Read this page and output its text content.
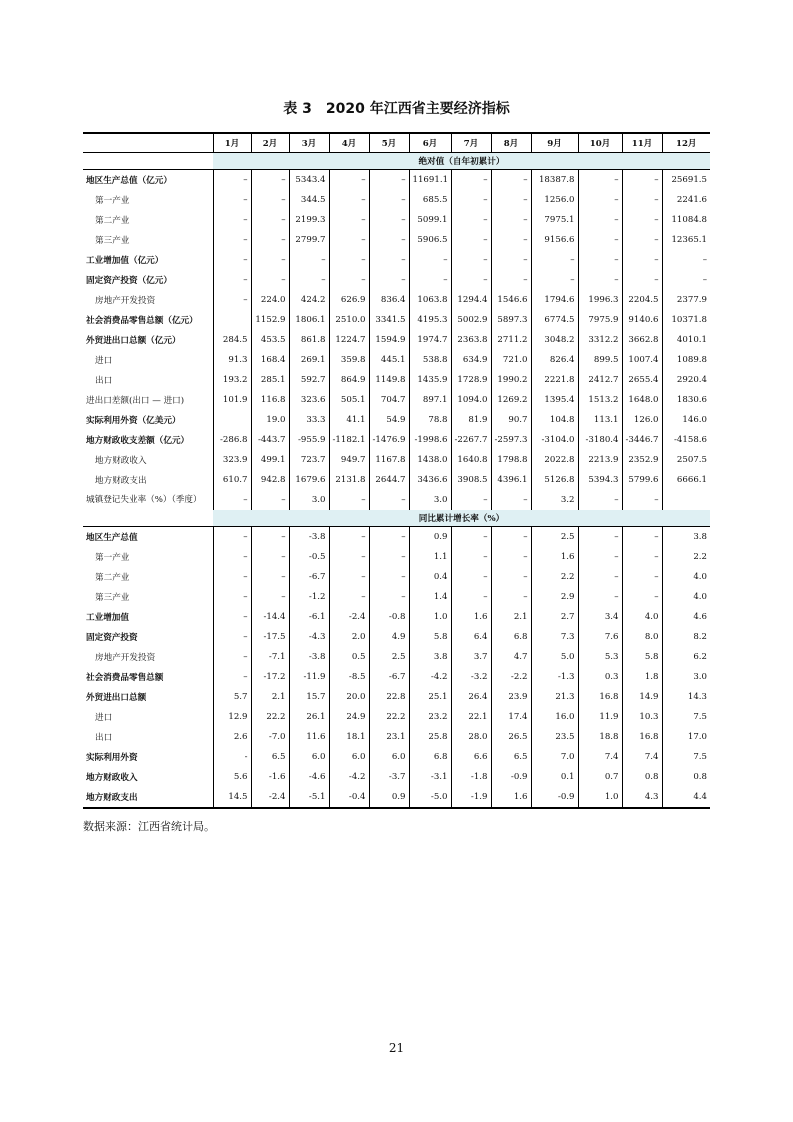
表 3　2020 年江西省主要经济指标
	1月	2月	3月	4月	5月	6月	7月	8月	9月	10月	11月	12月
	绝对值（自年初累计）											
地区生产总值（亿元）	–	–	5343.4	–	–	11691.1	–	–	18387.8	–	–	25691.5
第一产业	–	–	344.5	–	–	685.5	–	–	1256.0	–	–	2241.6
第二产业	–	–	2199.3	–	–	5099.1	–	–	7975.1	–	–	11084.8
第三产业	–	–	2799.7	–	–	5906.5	–	–	9156.6	–	–	12365.1
工业增加值（亿元）	–	–	–	–	–	–	–	–	–	–	–	–
固定资产投资（亿元）	–	–	–	–	–	–	–	–	–	–	–	–
房地产开发投资	–	224.0	424.2	626.9	836.4	1063.8	1294.4	1546.6	1794.6	1996.3	2204.5	2377.9
社会消费品零售总额（亿元）		1152.9	1806.1	2510.0	3341.5	4195.3	5002.9	5897.3	6774.5	7975.9	9140.6	10371.8
外贸进出口总额（亿元）	284.5	453.5	861.8	1224.7	1594.9	1974.7	2363.8	2711.2	3048.2	3312.2	3662.8	4010.1
进口	91.3	168.4	269.1	359.8	445.1	538.8	634.9	721.0	826.4	899.5	1007.4	1089.8
出口	193.2	285.1	592.7	864.9	1149.8	1435.9	1728.9	1990.2	2221.8	2412.7	2655.4	2920.4
进出口差额(出口 — 进口)	101.9	116.8	323.6	505.1	704.7	897.1	1094.0	1269.2	1395.4	1513.2	1648.0	1830.6
实际利用外资（亿美元）		19.0	33.3	41.1	54.9	78.8	81.9	90.7	104.8	113.1	126.0	146.0
地方财政收支差额（亿元）	-286.8	-443.7	-955.9	-1182.1	-1476.9	-1998.6	-2267.7	-2597.3	-3104.0	-3180.4	-3446.7	-4158.6
地方财政收入	323.9	499.1	723.7	949.7	1167.8	1438.0	1640.8	1798.8	2022.8	2213.9	2352.9	2507.5
地方财政支出	610.7	942.8	1679.6	2131.8	2644.7	3436.6	3908.5	4396.1	5126.8	5394.3	5799.6	6666.1
城镇登记失业率（%）（季度）	–	–	3.0	–	–	3.0	–	–	3.2	–	–	
	同比累计增长率（%）											
地区生产总值	–	–	-3.8	–	–	0.9	–	–	2.5	–	–	3.8
第一产业	–	–	-0.5	–	–	1.1	–	–	1.6	–	–	2.2
第二产业	–	–	-6.7	–	–	0.4	–	–	2.2	–	–	4.0
第三产业	–	–	-1.2	–	–	1.4	–	–	2.9	–	–	4.0
工业增加值	–	-14.4	-6.1	-2.4	-0.8	1.0	1.6	2.1	2.7	3.4	4.0	4.6
固定资产投资	–	-17.5	-4.3	2.0	4.9	5.8	6.4	6.8	7.3	7.6	8.0	8.2
房地产开发投资	–	-7.1	-3.8	0.5	2.5	3.8	3.7	4.7	5.0	5.3	5.8	6.2
社会消费品零售总额	–	-17.2	-11.9	-8.5	-6.7	-4.2	-3.2	-2.2	-1.3	0.3	1.8	3.0
外贸进出口总额	5.7	2.1	15.7	20.0	22.8	25.1	26.4	23.9	21.3	16.8	14.9	14.3
进口	12.9	22.2	26.1	24.9	22.2	23.2	22.1	17.4	16.0	11.9	10.3	7.5
出口	2.6	-7.0	11.6	18.1	23.1	25.8	28.0	26.5	23.5	18.8	16.8	17.0
实际利用外资	-	6.5	6.0	6.0	6.0	6.8	6.6	6.5	7.0	7.4	7.4	7.5
地方财政收入	5.6	-1.6	-4.6	-4.2	-3.7	-3.1	-1.8	-0.9	0.1	0.7	0.8	0.8
地方财政支出	14.5	-2.4	-5.1	-0.4	0.9	-5.0	-1.9	1.6	-0.9	1.0	4.3	4.4
数据来源：江西省统计局。
21
